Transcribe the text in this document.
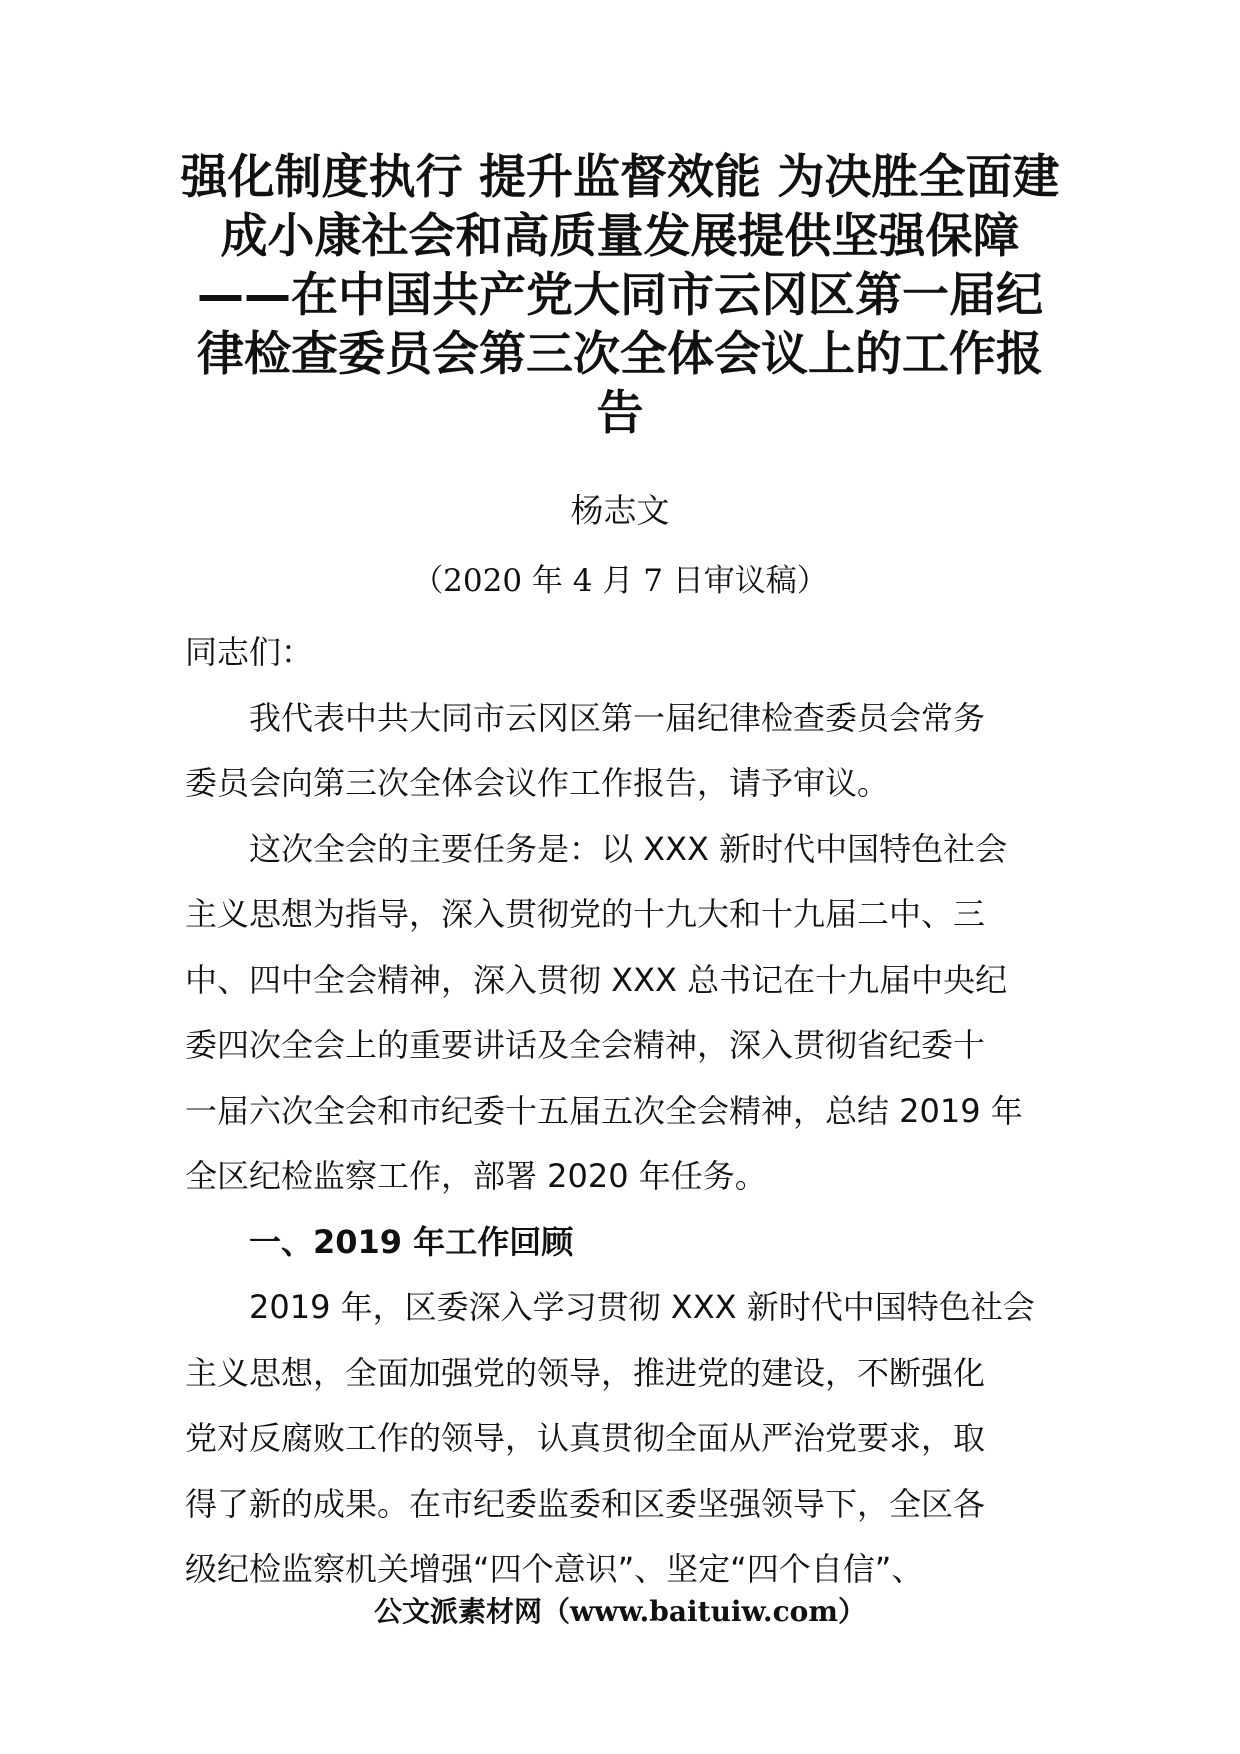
强化制度执行 提升监督效能 为决胜全面建
成小康社会和高质量发展提供坚强保障
——在中国共产党大同市云冈区第一届纪
律检查委员会第三次全体会议上的工作报
告
杨志文
（2020 年 4 月 7 日审议稿）

同志们：

我代表中共大同市云冈区第一届纪律检查委员会常务
委员会向第三次全体会议作工作报告，请予审议。
这次全会的主要任务是：以 XXX 新时代中国特色社会
主义思想为指导，深入贯彻党的十九大和十九届二中、三
中、四中全会精神，深入贯彻 XXX 总书记在十九届中央纪
委四次全会上的重要讲话及全会精神，深入贯彻省纪委十
一届六次全会和市纪委十五届五次全会精神，总结 2019 年
全区纪检监察工作，部署 2020 年任务。
一、2019 年工作回顾
2019 年，区委深入学习贯彻 XXX 新时代中国特色社会
主义思想，全面加强党的领导，推进党的建设，不断强化
党对反腐败工作的领导，认真贯彻全面从严治党要求，取
得了新的成果。在市纪委监委和区委坚强领导下，全区各
级纪检监察机关增强“四个意识”、坚定“四个自信”、
公文派素材网（www.baituiw.com）
